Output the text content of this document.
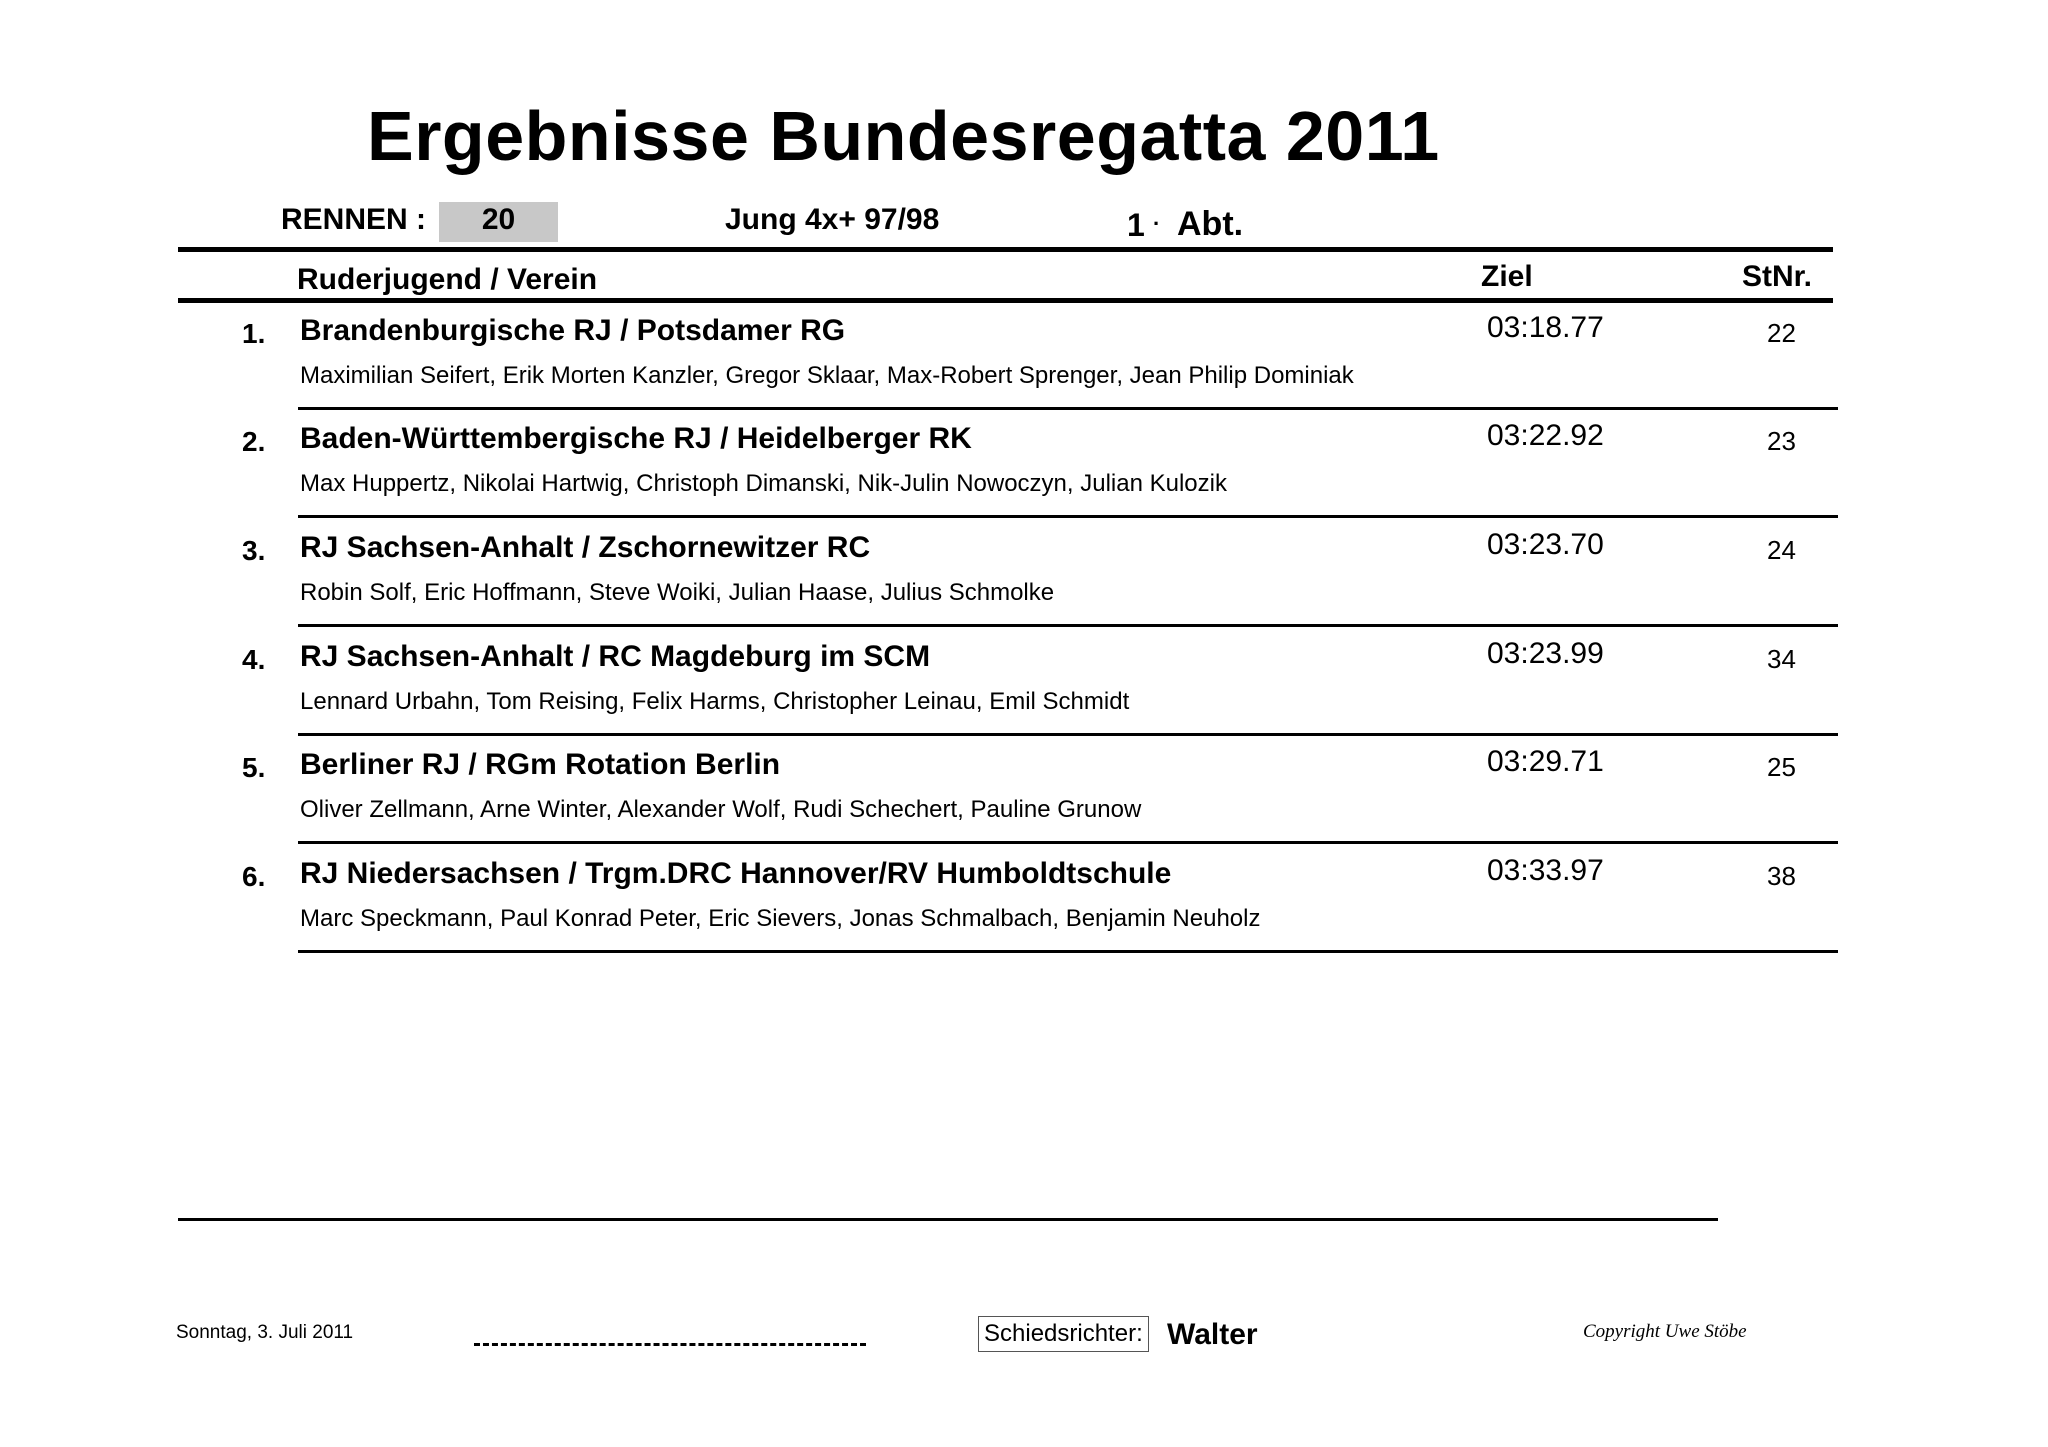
Ergebnisse Bundesregatta 2011
RENNEN :	20	Jung 4x+ 97/98	1 . Abt.
Ruderjugend / Verein	Ziel	StNr.
1. Brandenburgische RJ / Potsdamer RG
Maximilian Seifert, Erik Morten Kanzler, Gregor Sklaar, Max-Robert Sprenger, Jean Philip Dominiak
03:18.77	22
2. Baden-Württembergische RJ / Heidelberger RK
Max Huppertz, Nikolai Hartwig, Christoph Dimanski, Nik-Julin Nowoczyn, Julian Kulozik
03:22.92	23
3. RJ Sachsen-Anhalt / Zschornewitzer RC
Robin Solf, Eric Hoffmann, Steve Woiki, Julian Haase, Julius Schmolke
03:23.70	24
4. RJ Sachsen-Anhalt / RC Magdeburg im SCM
Lennard Urbahn, Tom Reising, Felix Harms, Christopher Leinau, Emil Schmidt
03:23.99	34
5. Berliner RJ / RGm Rotation Berlin
Oliver Zellmann, Arne Winter, Alexander Wolf, Rudi Schechert, Pauline Grunow
03:29.71	25
6. RJ Niedersachsen / Trgm.DRC Hannover/RV Humboldtschule
Marc Speckmann, Paul Konrad Peter, Eric Sievers, Jonas Schmalbach, Benjamin Neuholz
03:33.97	38
Sonntag, 3. Juli 2011	Schiedsrichter: Walter	Copyright Uwe Stöbe
